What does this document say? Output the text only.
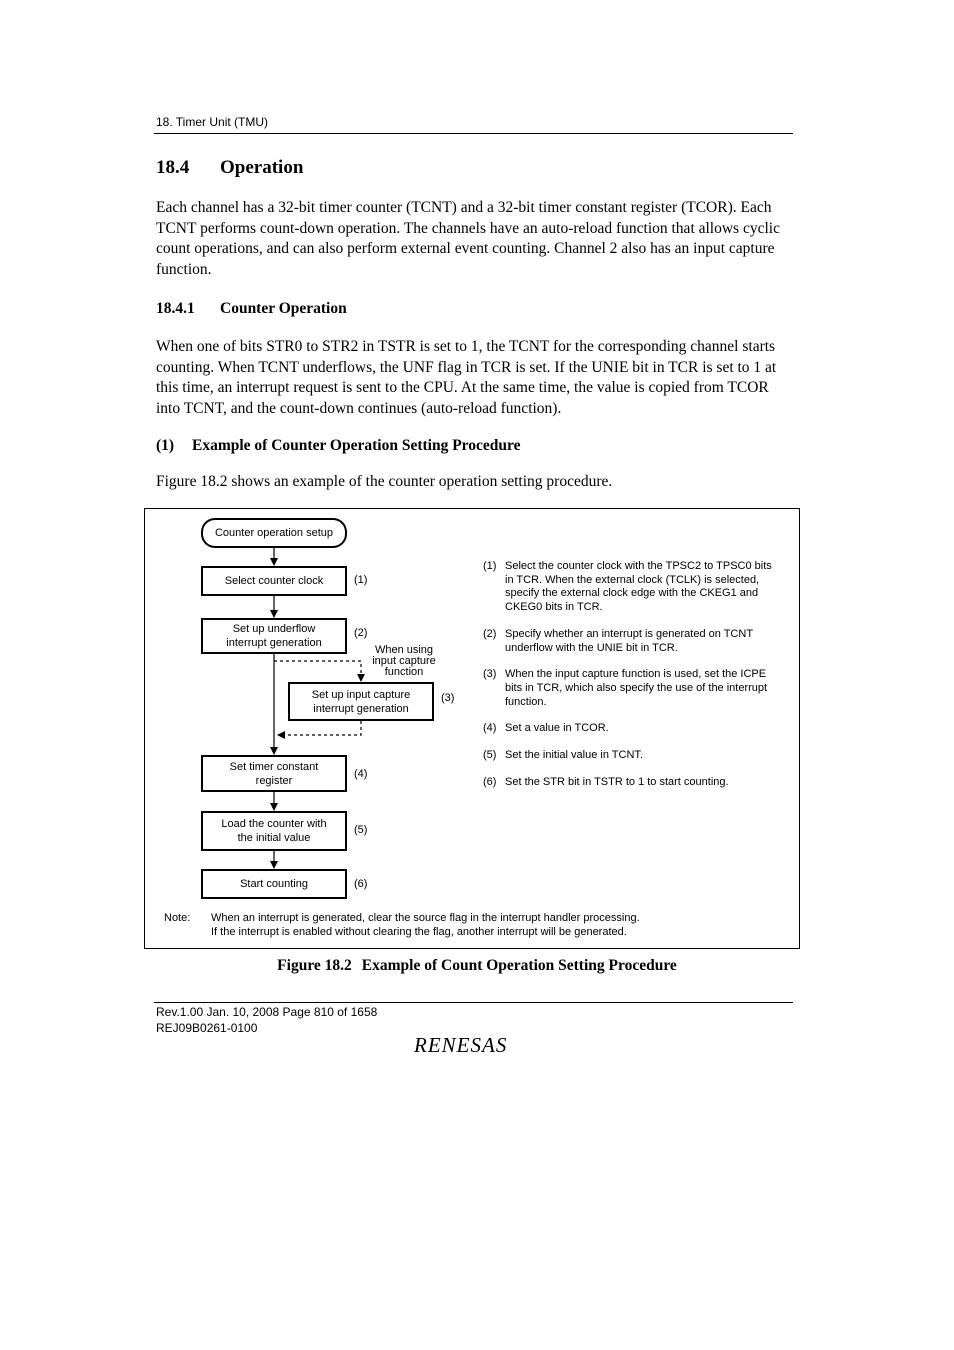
18. Timer Unit (TMU)
18.4 Operation
Each channel has a 32-bit timer counter (TCNT) and a 32-bit timer constant register (TCOR). Each TCNT performs count-down operation. The channels have an auto-reload function that allows cyclic count operations, and can also perform external event counting. Channel 2 also has an input capture function.
18.4.1 Counter Operation
When one of bits STR0 to STR2 in TSTR is set to 1, the TCNT for the corresponding channel starts counting. When TCNT underflows, the UNF flag in TCR is set. If the UNIE bit in TCR is set to 1 at this time, an interrupt request is sent to the CPU. At the same time, the value is copied from TCOR into TCNT, and the count-down continues (auto-reload function).
(1) Example of Counter Operation Setting Procedure
Figure 18.2 shows an example of the counter operation setting procedure.
Counter operation setup
Select counter clock	(1)
Set up underflow interrupt generation
(2)
When using
input capture
function
Set up input capture interrupt generation
(3)
Set timer constant register
(4)
Load the counter with the initial value
(5)
Start counting	(6)
(1) Select the counter clock with the TPSC2 to TPSC0 bits in TCR. When the external clock (TCLK) is selected, specify the external clock edge with the CKEG1 and CKEG0 bits in TCR.
(2) Specify whether an interrupt is generated on TCNT underflow with the UNIE bit in TCR.
(3) When the input capture function is used, set the ICPE bits in TCR, which also specify the use of the interrupt function.
(4) Set a value in TCOR.
(5) Set the initial value in TCNT.
(6) Set the STR bit in TSTR to 1 to start counting.
Note: When an interrupt is generated, clear the source flag in the interrupt handler processing.
If the interrupt is enabled without clearing the flag, another interrupt will be generated.
Figure 18.2 Example of Count Operation Setting Procedure
Rev.1.00 Jan. 10, 2008 Page 810 of 1658
REJ09B0261-0100
RENESAS
